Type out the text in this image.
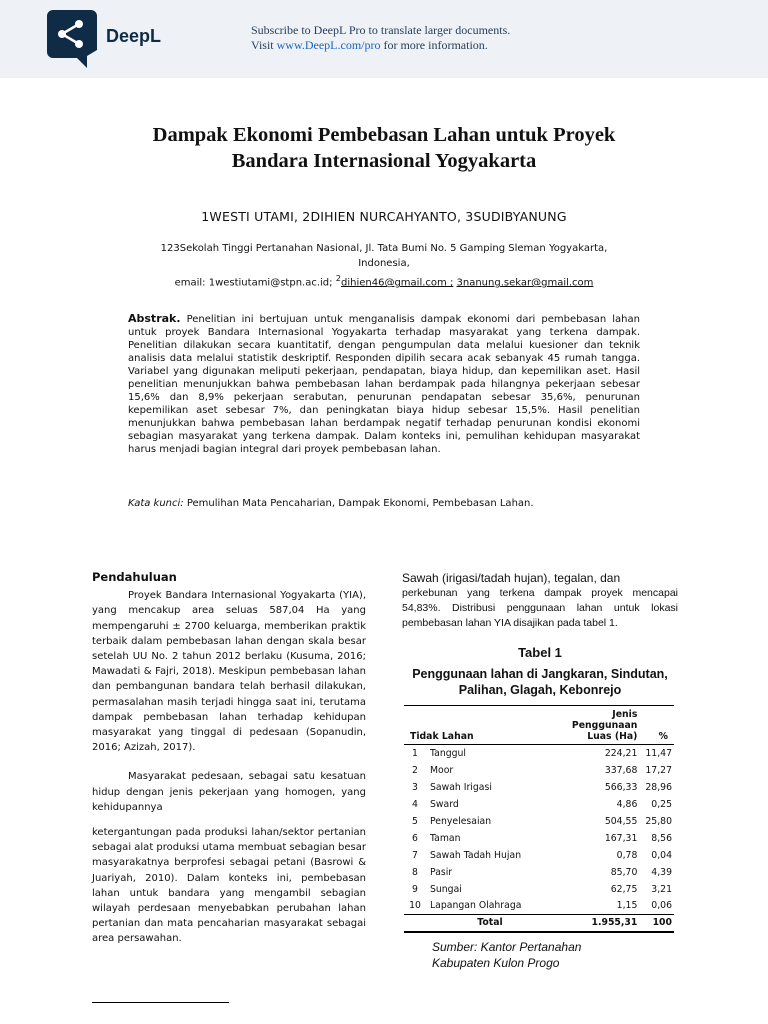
DeepL	Subscribe to DeepL Pro to translate larger documents.
Visit www.DeepL.com/pro for more information.
Dampak Ekonomi Pembebasan Lahan untuk Proyek
Bandara Internasional Yogyakarta
1WESTI UTAMI, 2DIHIEN NURCAHYANTO, 3SUDIBYANUNG
123Sekolah Tinggi Pertanahan Nasional, Jl. Tata Bumi No. 5 Gamping Sleman Yogyakarta,
Indonesia,
email: 1westiutami@stpn.ac.id; $^2$dihien46@gmail.com ; 3nanung.sekar@gmail.com
Abstrak. Penelitian ini bertujuan untuk menganalisis dampak ekonomi dari pembebasan lahan untuk proyek Bandara Internasional Yogyakarta terhadap masyarakat yang terkena dampak. Penelitian dilakukan secara kuantitatif, dengan pengumpulan data melalui kuesioner dan teknik analisis data melalui statistik deskriptif. Responden dipilih secara acak sebanyak 45 rumah tangga. Variabel yang digunakan meliputi pekerjaan, pendapatan, biaya hidup, dan kepemilikan aset. Hasil penelitian menunjukkan bahwa pembebasan lahan berdampak pada hilangnya pekerjaan sebesar 15,6% dan 8,9% pekerjaan serabutan, penurunan pendapatan sebesar 35,6%, penurunan kepemilikan aset sebesar 7%, dan peningkatan biaya hidup sebesar 15,5%. Hasil penelitian menunjukkan bahwa pembebasan lahan berdampak negatif terhadap penurunan kondisi ekonomi sebagian masyarakat yang terkena dampak. Dalam konteks ini, pemulihan kehidupan masyarakat harus menjadi bagian integral dari proyek pembebasan lahan.
Kata kunci: Pemulihan Mata Pencaharian, Dampak Ekonomi, Pembebasan Lahan.
Pendahuluan

Proyek Bandara Internasional Yogyakarta (YIA), yang mencakup area seluas 587,04 Ha yang mempengaruhi ± 2700 keluarga, memberikan praktik terbaik dalam pembebasan lahan dengan skala besar setelah UU No. 2 tahun 2012 berlaku (Kusuma, 2016; Mawadati & Fajri, 2018). Meskipun pembebasan lahan dan pembangunan bandara telah berhasil dilakukan, permasalahan masih terjadi hingga saat ini, terutama dampak pembebasan lahan terhadap kehidupan masyarakat yang tinggal di pedesaan (Sopanudin, 2016; Azizah, 2017).

Masyarakat pedesaan, sebagai satu kesatuan hidup dengan jenis pekerjaan yang homogen, yang kehidupannya

ketergantungan pada produksi lahan/sektor pertanian sebagai alat produksi utama membuat sebagian besar masyarakatnya berprofesi sebagai petani (Basrowi & Juariyah, 2010). Dalam konteks ini, pembebasan lahan untuk bandara yang mengambil sebagian wilayah perdesaan menyebabkan perubahan lahan pertanian dan mata pencaharian masyarakat sebagai area persawahan.

Sawah (irigasi/tadah hujan), tegalan, dan
perkebunan yang terkena dampak proyek mencapai 54,83%. Distribusi penggunaan lahan untuk lokasi pembebasan lahan YIA disajikan pada tabel 1.
Tabel 1
Penggunaan lahan di Jangkaran, Sindutan, Palihan, Glagah, Kebonrejo
Tidak Lahan		Jenis Penggunaan Luas (Ha)	%
1	Tanggul	224,21	11,47
2	Moor	337,68	17,27
3	Sawah Irigasi	566,33	28,96
4	Sward	4,86	0,25
5	Penyelesaian	504,55	25,80
6	Taman	167,31	8,56
7	Sawah Tadah Hujan	0,78	0,04
8	Pasir	85,70	4,39
9	Sungai	62,75	3,21
10	Lapangan Olahraga	1,15	0,06
	Total	1.955,31	100
Sumber: Kantor Pertanahan
Kabupaten Kulon Progo
